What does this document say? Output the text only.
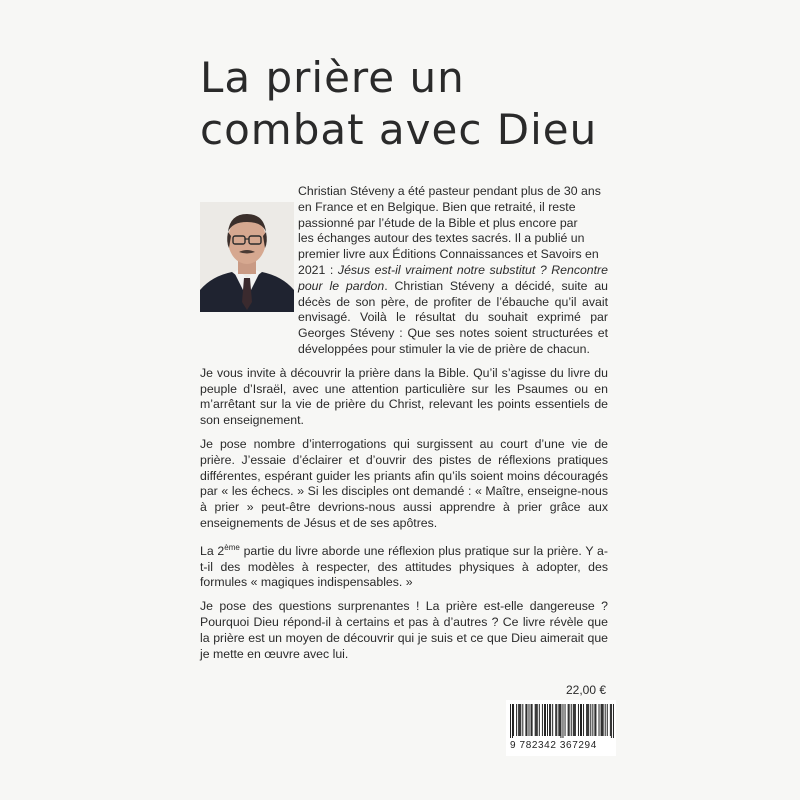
La prière un
combat avec Dieu
Christian Stéveny a été pasteur pendant plus de 30 ans
en France et en Belgique. Bien que retraité, il reste
passionné par l’étude de la Bible et plus encore par
les échanges autour des textes sacrés. Il a publié un
premier livre aux Éditions Connaissances et Savoirs en

2021 : Jésus est-il vraiment notre substitut ? Rencontre pour le pardon. Christian Stéveny a décidé, suite au décès de son père, de profiter de l’ébauche qu’il avait envisagé. Voilà le résultat du souhait exprimé par Georges Stéveny : Que ses notes soient structurées et développées pour stimuler la vie de prière de chacun.

Je vous invite à découvrir la prière dans la Bible. Qu’il s’agisse du livre du peuple d’Israël, avec une attention particulière sur les Psaumes ou en m’arrêtant sur la vie de prière du Christ, relevant les points essentiels de son enseignement.

Je pose nombre d’interrogations qui surgissent au court d’une vie de prière. J’essaie d’éclairer et d’ouvrir des pistes de réflexions pratiques différentes, espérant guider les priants afin qu’ils soient moins découragés par « les échecs. » Si les disciples ont demandé : « Maître, enseigne-nous à prier » peut-être devrions-nous aussi apprendre à prier grâce aux enseignements de Jésus et de ses apôtres.

La 2ème partie du livre aborde une réflexion plus pratique sur la prière. Y a-t-il des modèles à respecter, des attitudes physiques à adopter, des formules « magiques indispensables. »

Je pose des questions surprenantes ! La prière est-elle dangereuse ? Pourquoi Dieu répond-il à certains et pas à d’autres ? Ce livre révèle que la prière est un moyen de découvrir qui je suis et ce que Dieu aimerait que je mette en œuvre avec lui.

22,00 €
9 782342 367294
